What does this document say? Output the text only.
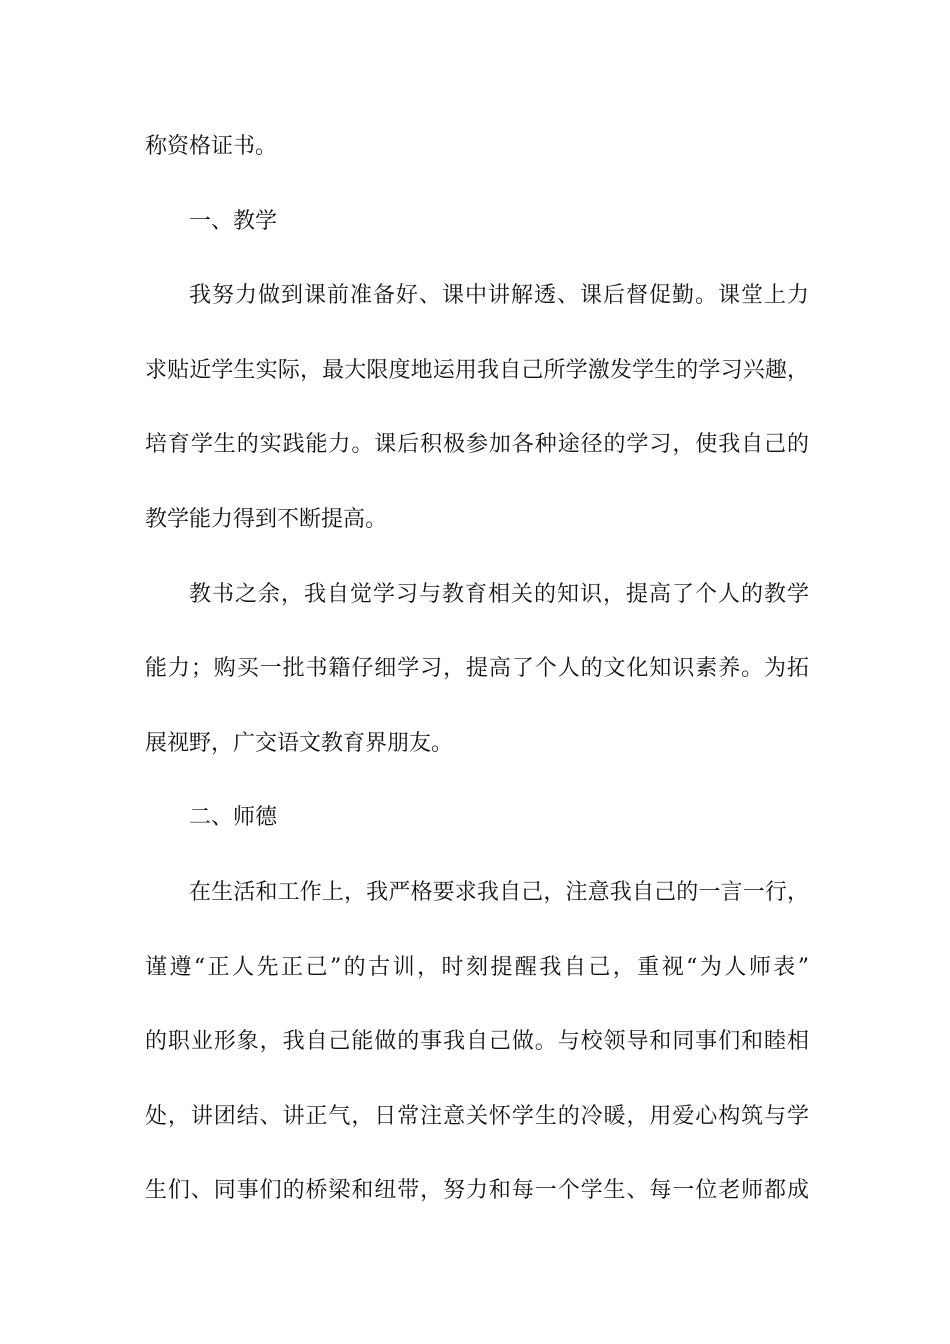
称资格证书。
一、教学
我努力做到课前准备好、课中讲解透、课后督促勤。课堂上力
求贴近学生实际，最大限度地运用我自己所学激发学生的学习兴趣，
培育学生的实践能力。课后积极参加各种途径的学习，使我自己的
教学能力得到不断提高。
教书之余，我自觉学习与教育相关的知识，提高了个人的教学
能力；购买一批书籍仔细学习，提高了个人的文化知识素养。为拓
展视野，广交语文教育界朋友。
二、师德
在生活和工作上，我严格要求我自己，注意我自己的一言一行，
谨遵“正人先正己”的古训，时刻提醒我自己，重视“为人师表”
的职业形象，我自己能做的事我自己做。与校领导和同事们和睦相
处，讲团结、讲正气，日常注意关怀学生的冷暖，用爱心构筑与学
生们、同事们的桥梁和纽带，努力和每一个学生、每一位老师都成
